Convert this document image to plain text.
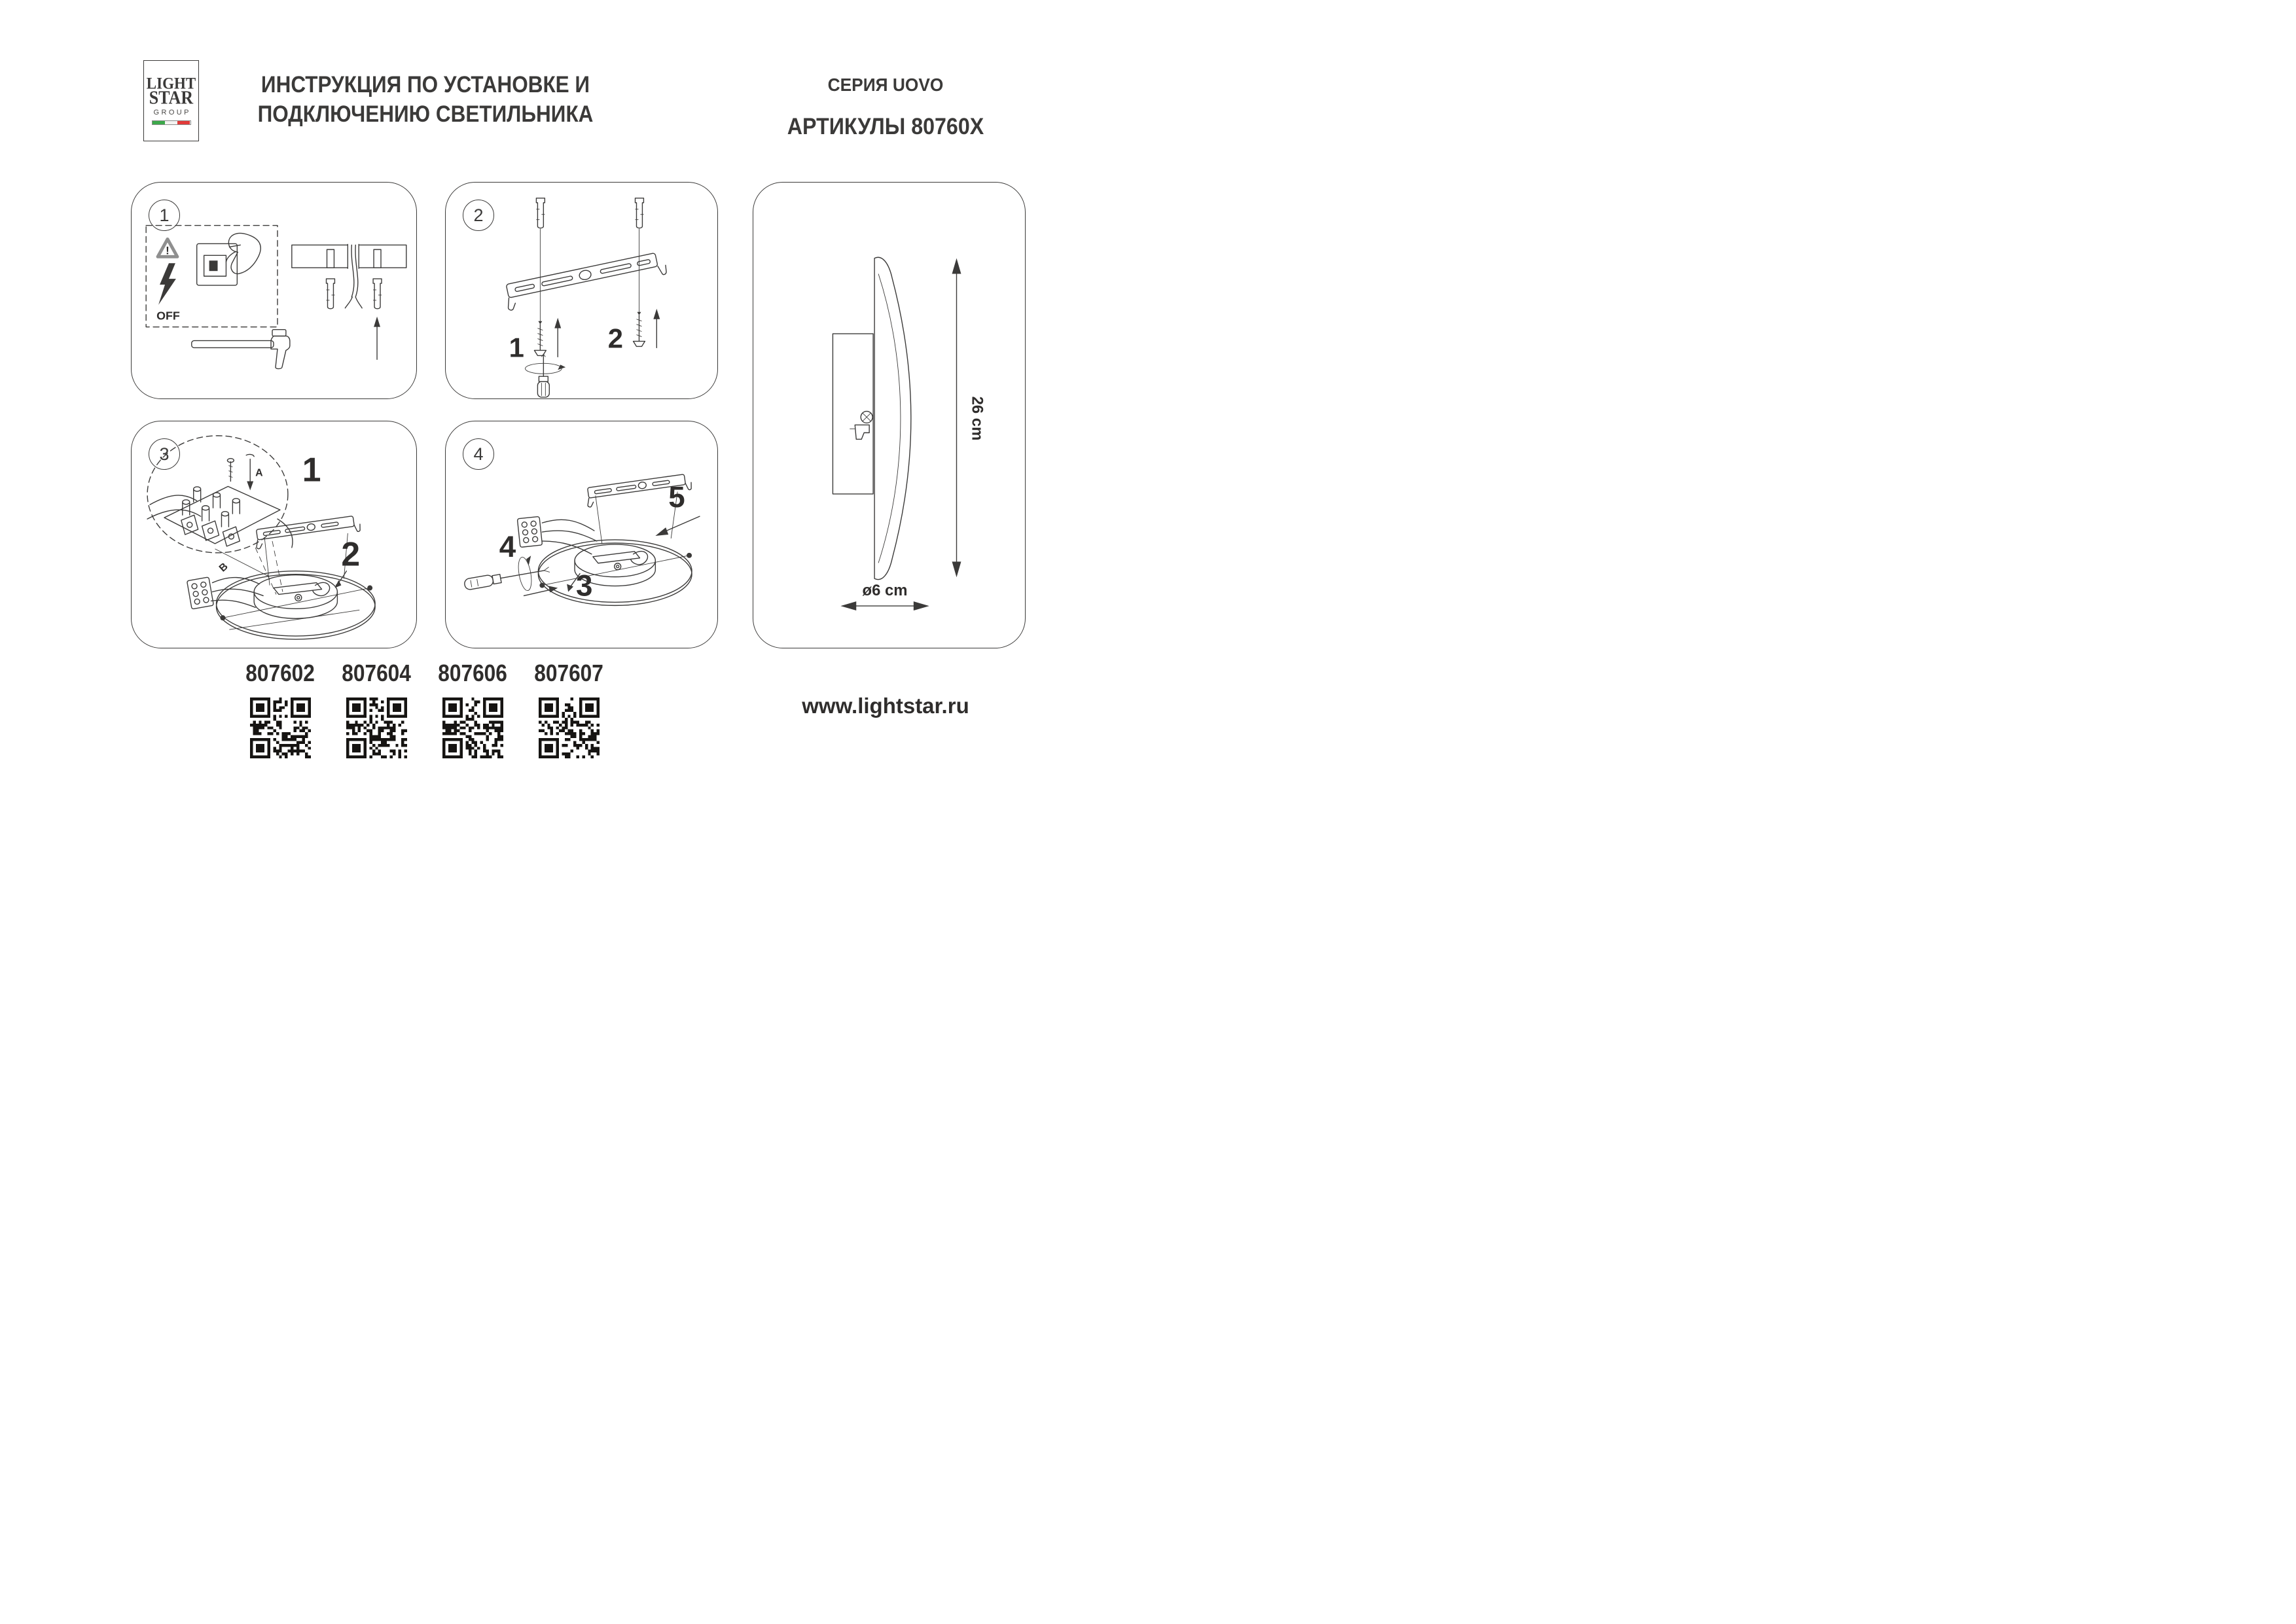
LIGHT
STAR
GROUP
ИНСТРУКЦИЯ ПО УСТАНОВКЕ И
ПОДКЛЮЧЕНИЮ СВЕТИЛЬНИКА
СЕРИЯ UOVO
АРТИКУЛЫ 80760X
!
OFF
1
1	2
2
A
B
1
2
3
4
3
5
4
26 cm
ø6 cm
807602 807604 807606 807607
www.lightstar.ru
